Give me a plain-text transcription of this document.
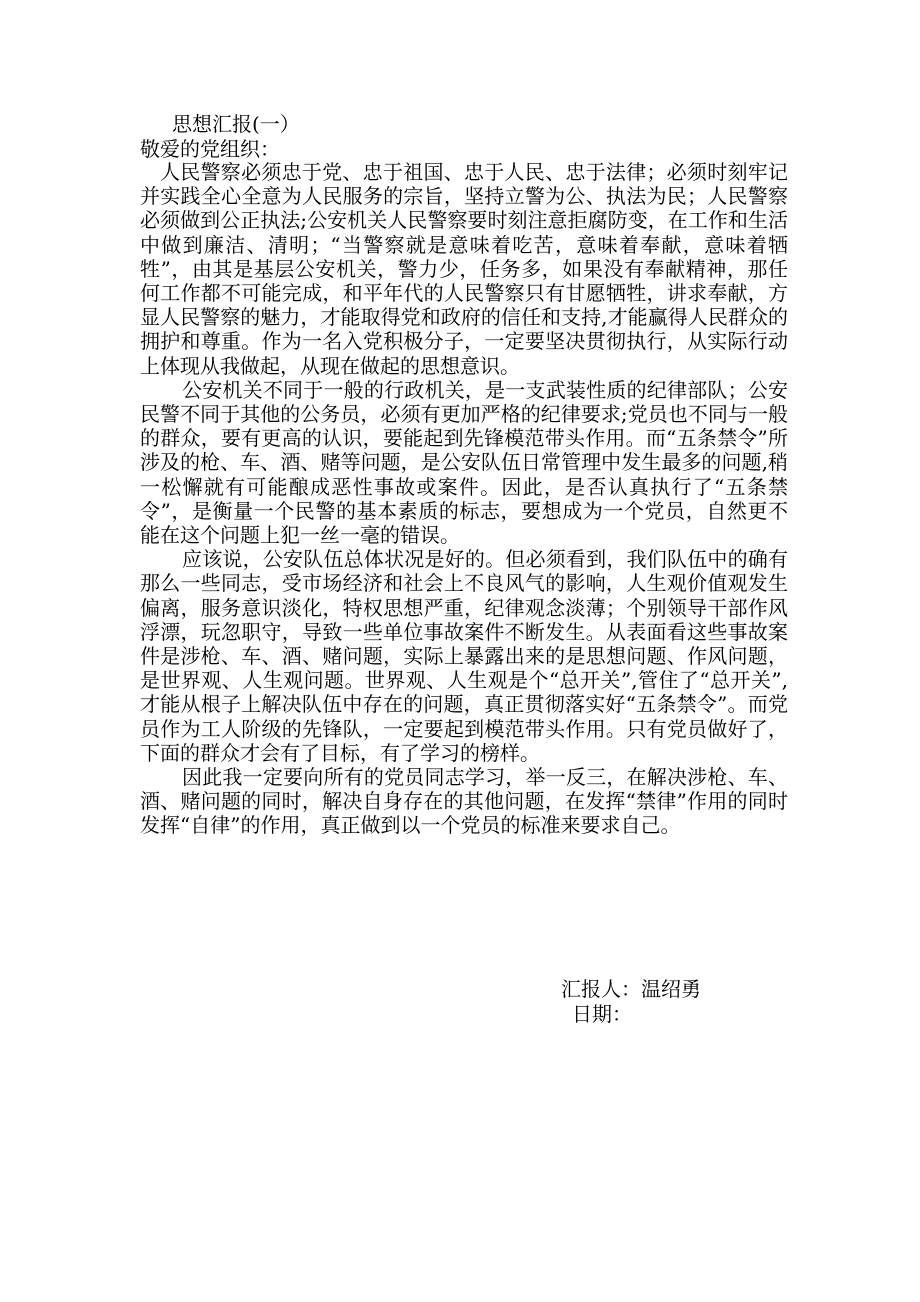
思想汇报(一）
敬爱的党组织：

人民警察必须忠于党、忠于祖国、忠于人民、忠于法律；必须时刻牢记并实践全心全意为人民服务的宗旨，坚持立警为公、执法为民；人民警察必须做到公正执法;公安机关人民警察要时刻注意拒腐防变，在工作和生活中做到廉洁、清明；“当警察就是意味着吃苦，意味着奉献，意味着牺牲”，由其是基层公安机关，警力少，任务多，如果没有奉献精神，那任何工作都不可能完成，和平年代的人民警察只有甘愿牺牲，讲求奉献，方显人民警察的魅力，才能取得党和政府的信任和支持,才能赢得人民群众的拥护和尊重。作为一名入党积极分子，一定要坚决贯彻执行，从实际行动上体现从我做起，从现在做起的思想意识。

公安机关不同于一般的行政机关，是一支武装性质的纪律部队；公安民警不同于其他的公务员，必须有更加严格的纪律要求;党员也不同与一般的群众，要有更高的认识，要能起到先锋模范带头作用。而“五条禁令”所涉及的枪、车、酒、赌等问题，是公安队伍日常管理中发生最多的问题,稍一松懈就有可能酿成恶性事故或案件。因此，是否认真执行了“五条禁令”，是衡量一个民警的基本素质的标志，要想成为一个党员，自然更不能在这个问题上犯一丝一毫的错误。

应该说，公安队伍总体状况是好的。但必须看到，我们队伍中的确有那么一些同志，受市场经济和社会上不良风气的影响，人生观价值观发生偏离，服务意识淡化，特权思想严重，纪律观念淡薄；个别领导干部作风浮漂，玩忽职守，导致一些单位事故案件不断发生。从表面看这些事故案件是涉枪、车、酒、赌问题，实际上暴露出来的是思想问题、作风问题，是世界观、人生观问题。世界观、人生观是个“总开关”,管住了“总开关”,才能从根子上解决队伍中存在的问题，真正贯彻落实好“五条禁令”。而党员作为工人阶级的先锋队，一定要起到模范带头作用。只有党员做好了，下面的群众才会有了目标，有了学习的榜样。

因此我一定要向所有的党员同志学习，举一反三，在解决涉枪、车、酒、赌问题的同时，解决自身存在的其他问题，在发挥“禁律”作用的同时发挥“自律”的作用，真正做到以一个党员的标准来要求自己。

汇报人：温绍勇
日期：
